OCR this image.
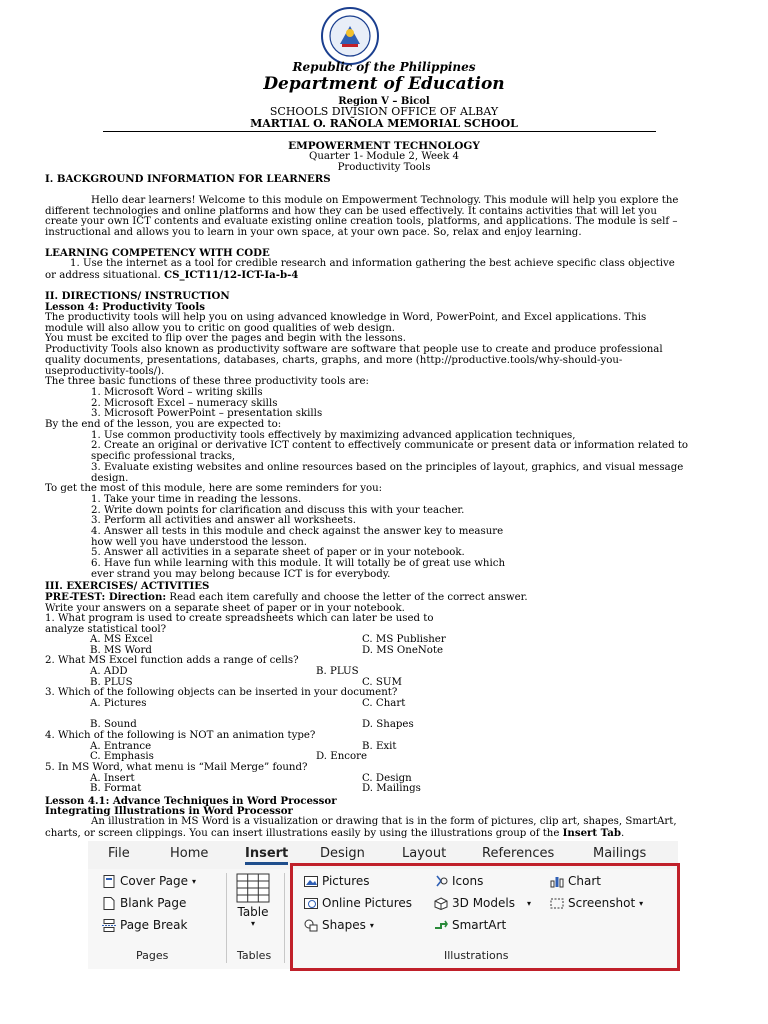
Republic of the Philippines
Department of Education
Region V – Bicol
SCHOOLS DIVISION OFFICE OF ALBAY
MARTIAL O. RAÑOLA MEMORIAL SCHOOL
EMPOWERMENT TECHNOLOGY
Quarter 1- Module 2, Week 4
Productivity Tools
I. BACKGROUND INFORMATION FOR LEARNERS
Hello dear learners! Welcome to this module on Empowerment Technology. This module will help you explore the
different technologies and online platforms and how they can be used effectively. It contains activities that will let you
create your own ICT contents and evaluate existing online creation tools, platforms, and applications. The module is self –
instructional and allows you to learn in your own space, at your own pace. So, relax and enjoy learning.
LEARNING COMPETENCY WITH CODE
1. Use the internet as a tool for credible research and information gathering the best achieve specific class objective
or address situational. CS_ICT11/12-ICT-Ia-b-4
II. DIRECTIONS/ INSTRUCTION
Lesson 4: Productivity Tools
The productivity tools will help you on using advanced knowledge in Word, PowerPoint, and Excel applications. This
module will also allow you to critic on good qualities of web design.
You must be excited to flip over the pages and begin with the lessons.
Productivity Tools also known as productivity software are software that people use to create and produce professional
quality documents, presentations, databases, charts, graphs, and more (http://productive.tools/why-should-you-
useproductivity-tools/).
The three basic functions of these three productivity tools are:
1. Microsoft Word – writing skills
2. Microsoft Excel – numeracy skills
3. Microsoft PowerPoint – presentation skills
By the end of the lesson, you are expected to:
1. Use common productivity tools effectively by maximizing advanced application techniques,
2. Create an original or derivative ICT content to effectively communicate or present data or information related to
specific professional tracks,
3. Evaluate existing websites and online resources based on the principles of layout, graphics, and visual message
design.
To get the most of this module, here are some reminders for you:
1. Take your time in reading the lessons.
2. Write down points for clarification and discuss this with your teacher.
3. Perform all activities and answer all worksheets.
4. Answer all tests in this module and check against the answer key to measure
how well you have understood the lesson.
5. Answer all activities in a separate sheet of paper or in your notebook.
6. Have fun while learning with this module. It will totally be of great use which
ever strand you may belong because ICT is for everybody.
III. EXERCISES/ ACTIVITIES
PRE-TEST: Direction: Read each item carefully and choose the letter of the correct answer.
Write your answers on a separate sheet of paper or in your notebook.
1. What program is used to create spreadsheets which can later be used to
analyze statistical tool?
A. MS Excel	C. MS Publisher
B. MS Word	D. MS OneNote
2. What MS Excel function adds a range of cells?
A. ADD	B. PLUS
B. PLUS	C. SUM
3. Which of the following objects can be inserted in your document?
A. Pictures	C. Chart
B. Sound	D. Shapes
4. Which of the following is NOT an animation type?
A. Entrance	B. Exit
C. Emphasis	D. Encore
5. In MS Word, what menu is “Mail Merge” found?
A. Insert	C. Design
B. Format	D. Mailings
Lesson 4.1: Advance Techniques in Word Processor
Integrating Illustrations in Word Processor
An illustration in MS Word is a visualization or drawing that is in the form of pictures, clip art, shapes, SmartArt,
charts, or screen clippings. You can insert illustrations easily by using the illustrations group of the Insert Tab.
File	Home	Insert Design	Layout	References	Mailings
Cover Page ▾
Blank Page
Page Break
Pages
Table
▾
Tables
Pictures
Online Pictures
Shapes ▾
Icons
3D Models ▾
SmartArt
Chart
Screenshot ▾
Illustrations
